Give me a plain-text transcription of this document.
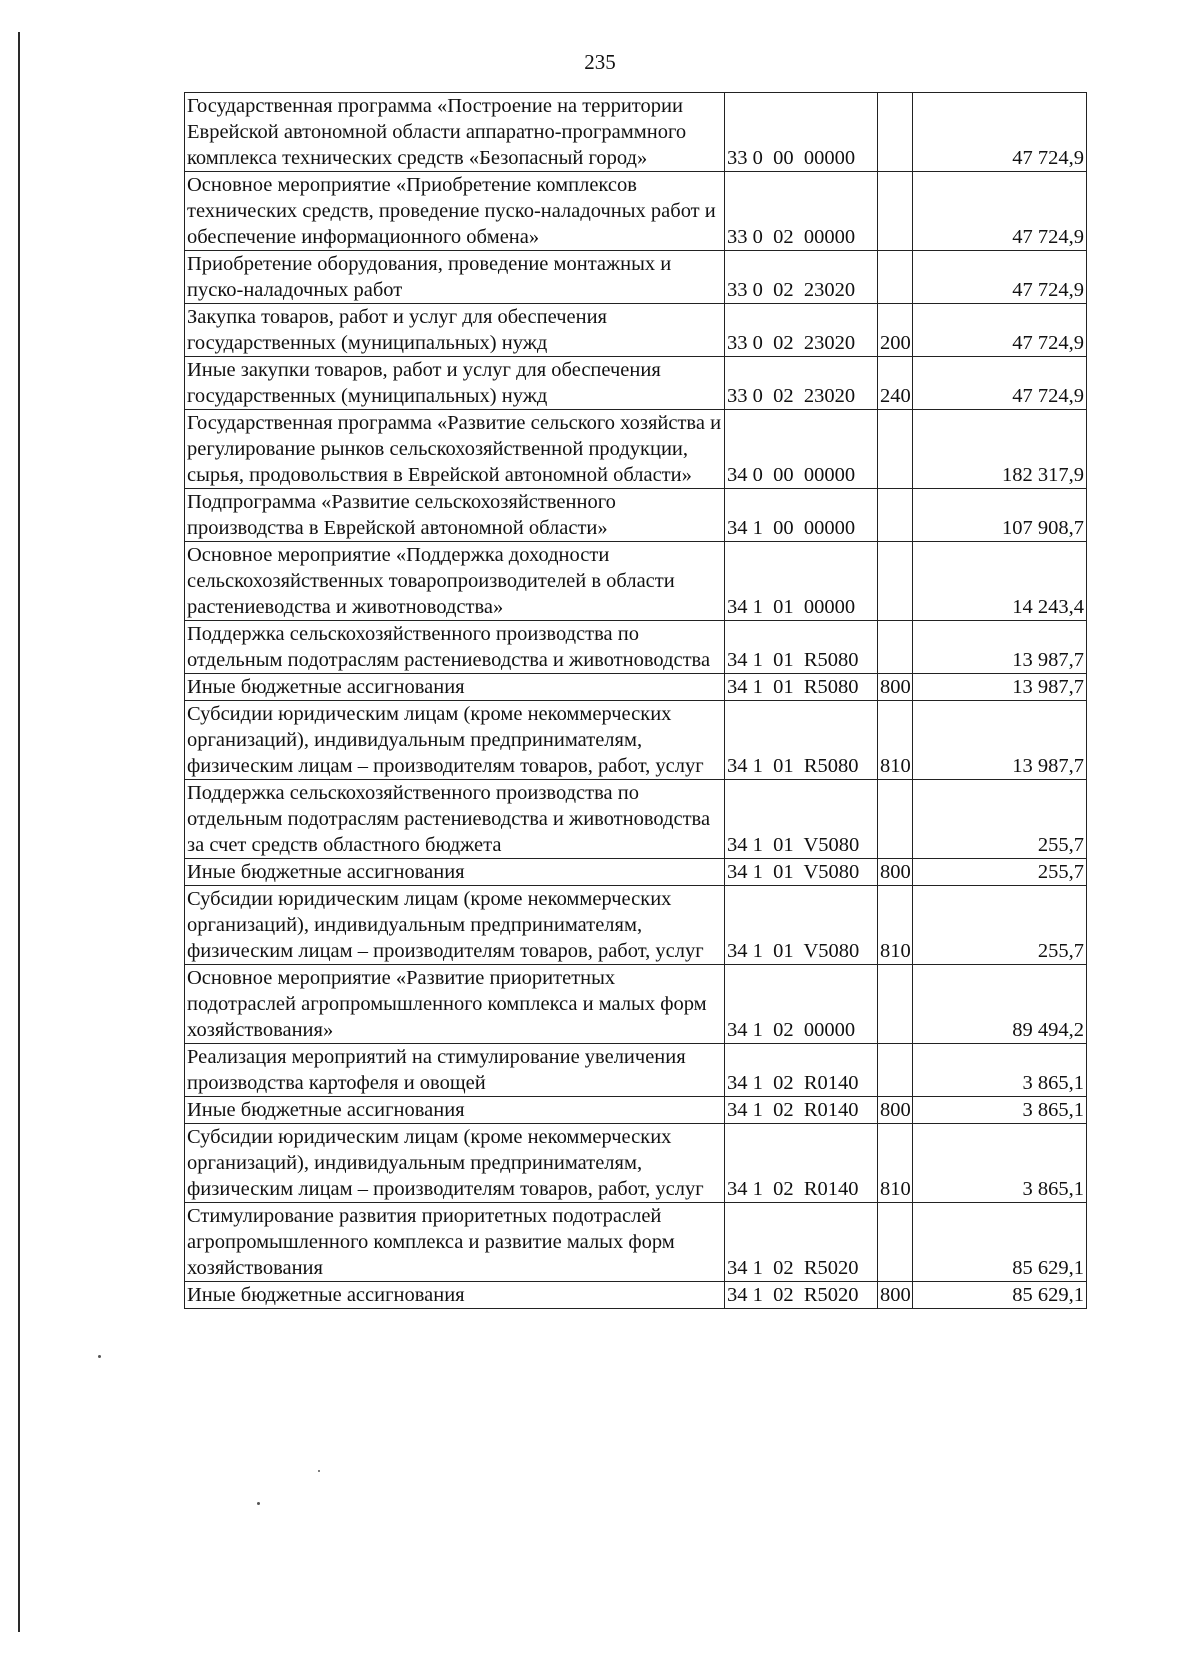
235
Государственная программа «Построение на территории Еврейской автономной области аппаратно-программного комплекса технических средств «Безопасный город»	33 0  00  00000		47 724,9
Основное мероприятие «Приобретение комплексов технических средств, проведение пуско-наладочных работ и обеспечение информационного обмена»	33 0  02  00000		47 724,9
Приобретение оборудования, проведение монтажных и пуско-наладочных работ	33 0  02  23020		47 724,9
Закупка товаров, работ и услуг для обеспечения государственных (муниципальных) нужд	33 0  02  23020	200	47 724,9
Иные закупки товаров, работ и услуг для обеспечения государственных (муниципальных) нужд	33 0  02  23020	240	47 724,9
Государственная программа «Развитие сельского хозяйства и регулирование рынков сельскохозяйственной продукции, сырья, продовольствия в Еврейской автономной области»	34 0  00  00000		182 317,9
Подпрограмма «Развитие сельскохозяйственного производства в Еврейской автономной области»	34 1  00  00000		107 908,7
Основное мероприятие «Поддержка доходности сельскохозяйственных товаропроизводителей в области растениеводства и животноводства»	34 1  01  00000		14 243,4
Поддержка сельскохозяйственного производства по отдельным подотраслям растениеводства и животноводства	34 1  01  R5080		13 987,7
Иные бюджетные ассигнования	34 1  01  R5080	800	13 987,7
Субсидии юридическим лицам (кроме некоммерческих организаций), индивидуальным предпринимателям, физическим лицам – производителям товаров, работ, услуг	34 1  01  R5080	810	13 987,7
Поддержка сельскохозяйственного производства по отдельным подотраслям растениеводства и животноводства за счет средств областного бюджета	34 1  01  V5080		255,7
Иные бюджетные ассигнования	34 1  01  V5080	800	255,7
Субсидии юридическим лицам (кроме некоммерческих организаций), индивидуальным предпринимателям, физическим лицам – производителям товаров, работ, услуг	34 1  01  V5080	810	255,7
Основное мероприятие «Развитие приоритетных подотраслей агропромышленного комплекса и малых форм хозяйствования»	34 1  02  00000		89 494,2
Реализация мероприятий на стимулирование увеличения производства картофеля и овощей	34 1  02  R0140		3 865,1
Иные бюджетные ассигнования	34 1  02  R0140	800	3 865,1
Субсидии юридическим лицам (кроме некоммерческих организаций), индивидуальным предпринимателям, физическим лицам – производителям товаров, работ, услуг	34 1  02  R0140	810	3 865,1
Стимулирование развития приоритетных подотраслей агропромышленного комплекса и развитие малых форм хозяйствования	34 1  02  R5020		85 629,1
Иные бюджетные ассигнования	34 1  02  R5020	800	85 629,1
